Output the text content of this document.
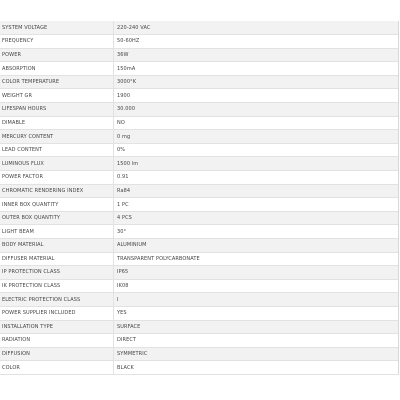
SYSTEM VOLTAGE	220-240 VAC
FREQUENCY	50-60HZ
POWER	36W
ABSORPTION	150mA
COLOR TEMPERATURE	3000°K
WEIGHT GR	1900
LIFESPAN HOURS	30.000
DIMABLE	NO
MERCURY CONTENT	0 mg
LEAD CONTENT	0%
LUMINOUS FLUX	1500 lm
POWER FACTOR	0.91
CHROMATIC RENDERING INDEX	Ra84
INNER BOX QUANTITY	1 PC
OUTER BOX QUANTITY	4 PCS
LIGHT BEAM	30°
BODY MATERIAL	ALUMINIUM
DIFFUSER MATERIAL	TRANSPARENT POLYCARBONATE
IP PROTECTION CLASS	IP65
IK PROTECTION CLASS	IK08
ELECTRIC PROTECTION CLASS	I
POWER SUPPLIER INCLUDED	YES
INSTALLATION TYPE	SURFACE
RADIATION	DIRECT
DIFFUSION	SYMMETRIC
COLOR	BLACK
